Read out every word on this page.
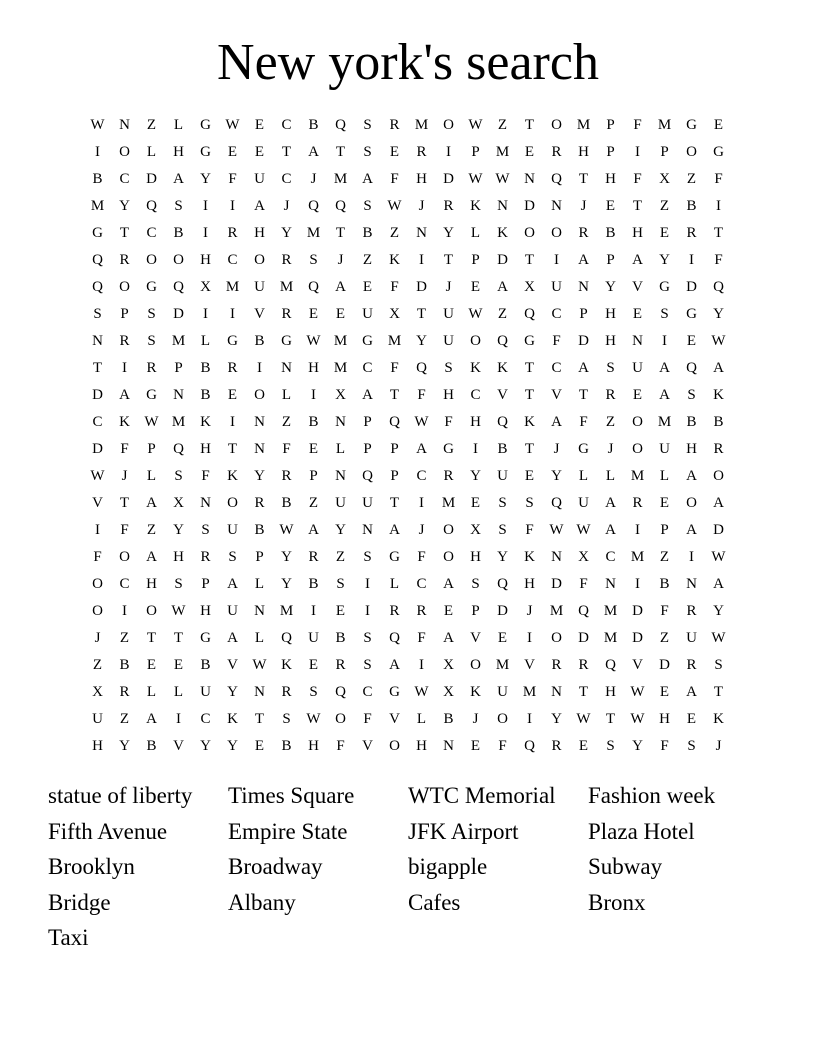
New york's search
W N	Z	L	G W	E	C	B	Q	S	R	M O W	Z	T	O M	P	F	M G	E
I	O	L	H	G	E	E	T	A	T	S	E	R	I	P	M	E	R	H	P	I	P	O	G
B	C	D	A	Y	F	U	C	J	M A	F	H	D W W N	Q	T	H	F	X	Z	F
M Y	Q	S	I	I	A	J	Q	Q	S	W	J	R	K	N	D	N	J	E	T	Z	B	I
G	T	C	B	I	R	H	Y M	T	B	Z	N	Y	L	K	O	O	R	B	H	E	R	T
Q	R	O	O	H	C	O	R	S	J	Z	K	I	T	P	D	T	I	A	P	A	Y	I	F
Q	O	G	Q	X M U M Q	A	E	F	D	J	E	A	X	U	N	Y	V	G	D	Q
S	P	S	D	I	I	V	R	E	E	U	X	T	U W	Z	Q	C	P	H	E	S	G	Y
N	R	S	M	L	G	B	G W M G M Y	U	O	Q	G	F	D	H	N	I	E	W
T	I	R	P	B	R	I	N	H M	C	F	Q	S	K	K	T	C	A	S	U	A	Q	A
D	A	G	N	B	E	O	L	I	X	A	T	F	H	C	V	T	V	T	R	E	A	S	K
C	K W M K	I	N	Z	B	N	P	Q W	F	H	Q	K	A	F	Z	O M	B	B
D	F	P	Q	H	T	N	F	E	L	P	P	A	G	I	B	T	J	G	J	O	U	H	R
W	J	L	S	F	K	Y	R	P	N	Q	P	C	R	Y	U	E	Y	L	L	M	L	A	O
V	T	A	X	N	O	R	B	Z	U	U	T	I	M	E	S	S	Q	U	A	R	E	O	A
I	F	Z	Y	S	U	B W A	Y	N	A	J	O	X	S	F	W W A	I	P	A	D
F	O	A	H	R	S	P	Y	R	Z	S	G	F	O	H	Y	K	N	X	C	M	Z	I	W
O	C	H	S	P	A	L	Y	B	S	I	L	C	A	S	Q	H	D	F	N	I	B	N	A
O	I	O W H	U	N M	I	E	I	R	R	E	P	D	J	M Q M D	F	R	Y
J	Z	T	T	G	A	L	Q	U	B	S	Q	F	A	V	E	I	O	D M D	Z	U W
Z	B	E	E	B	V W K	E	R	S	A	I	X	O M V	R	R	Q	V	D	R	S
X	R	L	L	U	Y	N	R	S	Q	C	G W X	K	U M N	T	H W	E	A	T
U	Z	A	I	C	K	T	S	W O	F	V	L	B	J	O	I	Y W	T	W H	E	K
H	Y	B	V	Y	Y	E	B	H	F	V	O	H	N	E	F	Q	R	E	S	Y	F	S	J
statue of liberty	Times Square	WTC Memorial	Fashion week
Fifth Avenue	Empire State	JFK Airport	Plaza Hotel
Brooklyn	Broadway	bigapple	Subway
Bridge	Albany	Cafes	Bronx
Taxi
